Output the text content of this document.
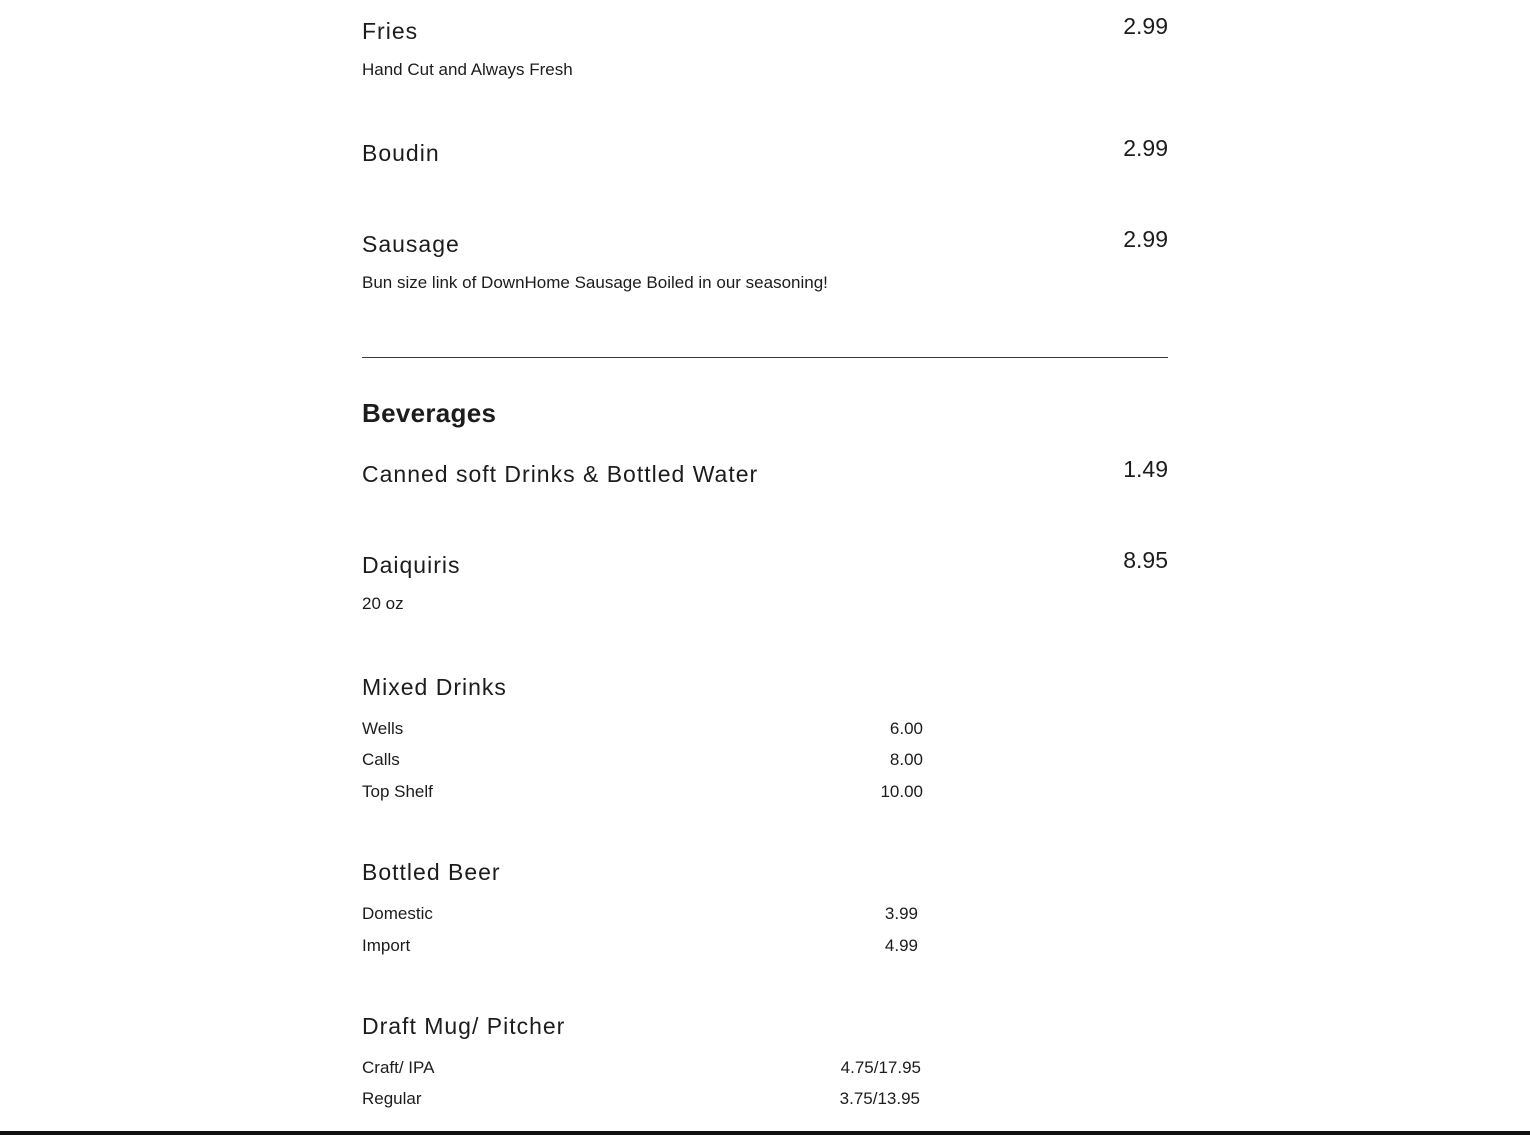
Fries	2.99
Hand Cut and Always Fresh
Boudin	2.99
Sausage	2.99
Bun size link of DownHome Sausage Boiled in our seasoning!
Beverages
Canned soft Drinks & Bottled Water	1.49
Daiquiris	8.95
20 oz
Mixed Drinks
Wells	6.00
Calls	8.00
Top Shelf	10.00
Bottled Beer
Domestic	3.99
Import	4.99
Draft Mug/ Pitcher
Craft/ IPA	4.75/17.95
Regular	3.75/13.95
